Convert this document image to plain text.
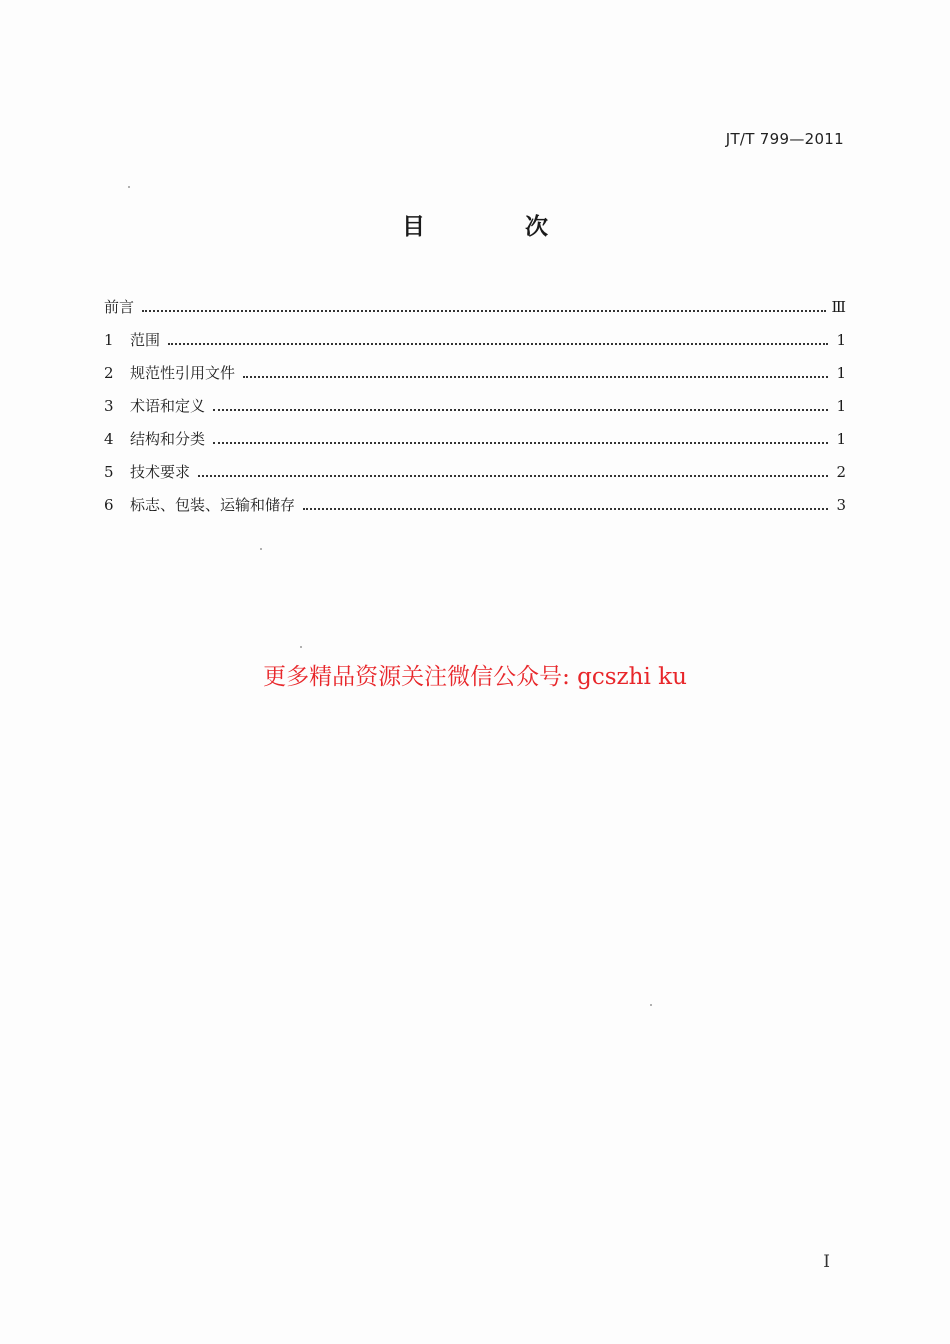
JT/T 799—2011
目 次
前言	Ⅲ
1	范围	1
2	规范性引用文件	1
3	术语和定义	1
4	结构和分类	1
5	技术要求	2
6	标志、包装、运输和储存	3
更多精品资源关注微信公众号: gcszhi ku
I
